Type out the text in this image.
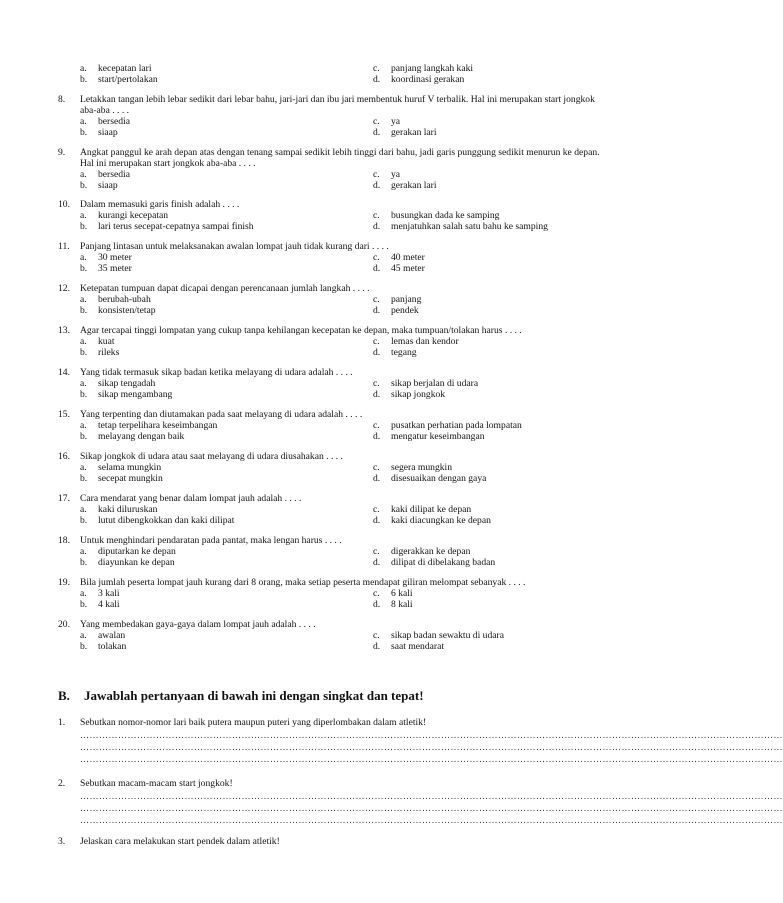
a. kecepatan lari	c. panjang langkah kaki
b. start/pertolakan	d. koordinasi gerakan
8. Letakkan tangan lebih lebar sedikit dari lebar bahu, jari-jari dan ibu jari membentuk huruf V terbalik. Hal ini merupakan start jongkok aba-aba . . . .
a. bersedia	c. ya
b. siaap	d. gerakan lari
9. Angkat panggul ke arah depan atas dengan tenang sampai sedikit lebih tinggi dari bahu, jadi garis punggung sedikit menurun ke depan. Hal ini merupakan start jongkok aba-aba . . . .
a. bersedia	c. ya
b. siaap	d. gerakan lari
10. Dalam memasuki garis finish adalah . . . .
a. kurangi kecepatan	c. busungkan dada ke samping
b. lari terus secepat-cepatnya sampai finish	d. menjatuhkan salah satu bahu ke samping
11. Panjang lintasan untuk melaksanakan awalan lompat jauh tidak kurang dari . . . .
a. 30 meter	c. 40 meter
b. 35 meter	d. 45 meter
12. Ketepatan tumpuan dapat dicapai dengan perencanaan jumlah langkah . . . .
a. berubah-ubah	c. panjang
b. konsisten/tetap	d. pendek
13. Agar tercapai tinggi lompatan yang cukup tanpa kehilangan kecepatan ke depan, maka tumpuan/tolakan harus . . . .
a. kuat	c. lemas dan kendor
b. rileks	d. tegang
14. Yang tidak termasuk sikap badan ketika melayang di udara adalah . . . .
a. sikap tengadah	c. sikap berjalan di udara
b. sikap mengambang	d. sikap jongkok
15. Yang terpenting dan diutamakan pada saat melayang di udara adalah . . . .
a. tetap terpelihara keseimbangan	c. pusatkan perhatian pada lompatan
b. melayang dengan baik	d. mengatur keseimbangan
16. Sikap jongkok di udara atau saat melayang di udara diusahakan . . . .
a. selama mungkin	c. segera mungkin
b. secepat mungkin	d. disesuaikan dengan gaya
17. Cara mendarat yang benar dalam lompat jauh adalah . . . .
a. kaki diluruskan	c. kaki dilipat ke depan
b. lutut dibengkokkan dan kaki dilipat	d. kaki diacungkan ke depan
18. Untuk menghindari pendaratan pada pantat, maka lengan harus . . . .
a. diputarkan ke depan	c. digerakkan ke depan
b. diayunkan ke depan	d. dilipat di dibelakang badan
19. Bila jumlah peserta lompat jauh kurang dari 8 orang, maka setiap peserta mendapat giliran melompat sebanyak . . . .
a. 3 kali	c. 6 kali
b. 4 kali	d. 8 kali
20. Yang membedakan gaya-gaya dalam lompat jauh adalah . . . .
a. awalan	c. sikap badan sewaktu di udara
b. tolakan	d. saat mendarat
B. Jawablah pertanyaan di bawah ini dengan singkat dan tepat!
1. Sebutkan nomor-nomor lari baik putera maupun puteri yang diperlombakan dalam atletik!
……………………………………………………………………………………………………………………………………………………………………………………………………
……………………………………………………………………………………………………………………………………………………………………………………………………
……………………………………………………………………………………………………………………………………………………………………………………………………
2. Sebutkan macam-macam start jongkok!
……………………………………………………………………………………………………………………………………………………………………………………………………
……………………………………………………………………………………………………………………………………………………………………………………………………
……………………………………………………………………………………………………………………………………………………………………………………………………
3. Jelaskan cara melakukan start pendek dalam atletik!
